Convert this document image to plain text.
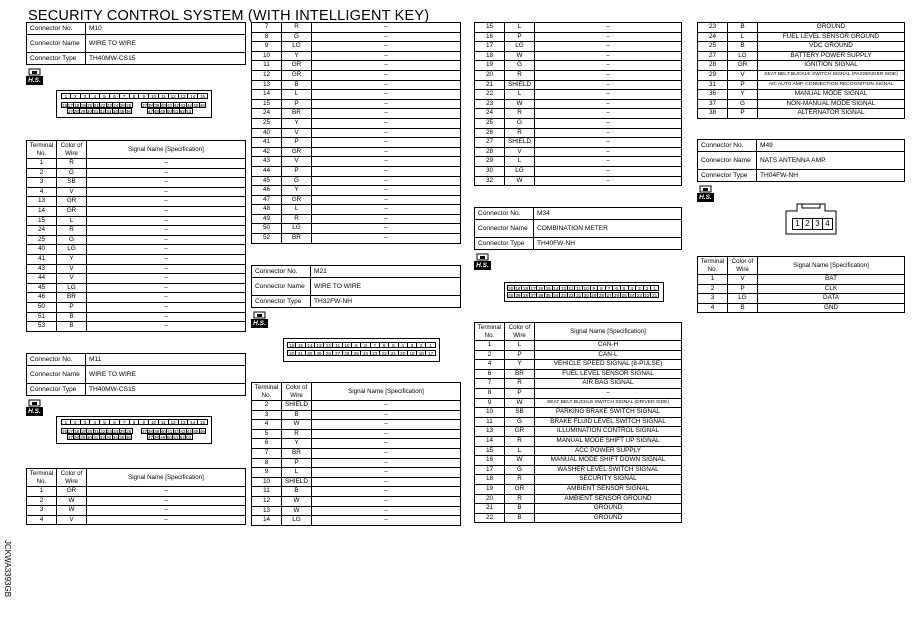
SECURITY CONTROL SYSTEM (WITH INTELLIGENT KEY)
JCKWA3393GB
Connector No.	M10
Connector Name	WIRE TO WIRE
Connector Type	TH40MW-CS15
H.S.
1	2	3	4	5	6	7	8	9	10	11	12	13	14	15
16 17 18 19 20 21 22 23 24 25 26
27 28 29 30 31 32 33 34 35 36
37 38 39 40 41 42 43 44 45 46
47 48 49 50 51 52 53
Terminal No.	Color of Wire	Signal Name [Specification]
1	R	–
2	G	–
3	SB	–
4	V	–
13	GR	–
14	GR	–
15	L	–
24	R	–
25	G	–
40	LG	–
41	Y	–
43	V	–
44	V	–
45	LG	–
46	BR	–
50	P	–
51	B	–
53	B	–
Connector No.	M11
Connector Name	WIRE TO WIRE
Connector Type	TH40MW-CS15
H.S.
1	2	3	4	5	6	7	8	9	10	11	12	13	14	15
16 17 18 19 20 21 22 23 24 25 26
27 28 29 30 31 32 33 34 35 36
37 38 39 40 41 42 43 44 45 46
47 48 49 50 51 52 53
Terminal No.	Color of Wire	Signal Name [Specification]
1	GR	–
2	W	–
3	W	–
4	V	–
7	R	–
8	G	–
9	LG	–
10	Y	–
11	GR	–
12	GR	–
13	B	–
14	L	–
15	P	–
24	BR	–
25	Y	–
40	V	–
41	P	–
42	GR	–
43	V	–
44	P	–
45	G	–
46	Y	–
47	GR	–
48	L	–
49	R	–
50	LG	–
52	BR	–
Connector No.	M21
Connector Name	WIRE TO WIRE
Connector Type	TH32FW-NH
H.S.
16 15 14 13 12 11 10	9	8	7	6	5	4	3	2	1
32 31 30 29 28 27 26 25 24 23 22 21 20 19 18 17
Terminal No.	Color of Wire	Signal Name [Specification]
2	SHIELD	–
3	B	–
4	W	–
5	R	–
6	Y	–
7	BR	–
8	P	–
9	L	–
10	SHIELD	–
11	B	–
12	W	–
13	W	–
14	LG	–
15	L	–
16	P	–
17	LG	–
18	W	–
19	G	–
20	R	–
21	SHIELD	–
22	L	–
23	W	–
24	R	–
25	G	–
26	R	–
27	SHIELD	–
28	V	–
29	L	–
30	LG	–
32	W	–
Connector No.	M34
Connector Name	COMBINATION METER
Connector Type	TH40FW-NH
H.S.
20 19 18 17 16 15 14 13 12 11 10 9	8	7	6	5	4	3	2	1
40 39 38 37 36 35 34 33 32 31 30 29 28 27 26 25 24 23 22 21
Terminal No.	Color of Wire	Signal Name [Specification]
1	L	CAN-H
2	P	CAN-L
4	Y	VEHICLE SPEED SIGNAL (8-PULSE)
6	BR	FUEL LEVEL SENSOR SIGNAL
7	R	AIR BAG SIGNAL
8	P	–
9	W	SEAT BELT BUCKLE SWITCH SIGNAL (DRIVER SIDE)
10	SB	PARKING BRAKE SWITCH SIGNAL
11	G	BRAKE FLUID LEVEL SWITCH SIGNAL
13	GR	ILLUMINATION CONTROL SIGNAL
14	R	MANUAL MODE SHIFT UP SIGNAL
15	L	ACC POWER SUPPLY
16	W	MANUAL MODE SHIFT DOWN SIGNAL
17	G	WASHER LEVEL SWITCH SIGNAL
18	R	SECURITY SIGNAL
19	GR	AMBIENT SENSOR SIGNAL
20	R	AMBIENT SENSOR GROUND
21	B	GROUND
22	B	GROUND
23	B	GROUND
24	L	FUEL LEVEL SENSOR GROUND
25	B	VDC GROUND
27	LG	BATTERY POWER SUPPLY
28	GR	IGNITION SIGNAL
29	V	SEAT BELT BUCKLE SWITCH SIGNAL (PASSENGER SIDE)
31	P	A/C AUTO AMP. CONNECTION RECOGNITION SIGNAL
36	Y	MANUAL MODE SIGNAL
37	G	NON-MANUAL MODE SIGNAL
38	P	ALTERNATOR SIGNAL
Connector No.	M49
Connector Name	NATS ANTENNA AMP.
Connector Type	TH04FW-NH
H.S.
1 2 3 4
Terminal No.	Color of Wire	Signal Name [Specification]
1	V	BAT
2	P	CLK
3	LG	DATA
4	B	GND
